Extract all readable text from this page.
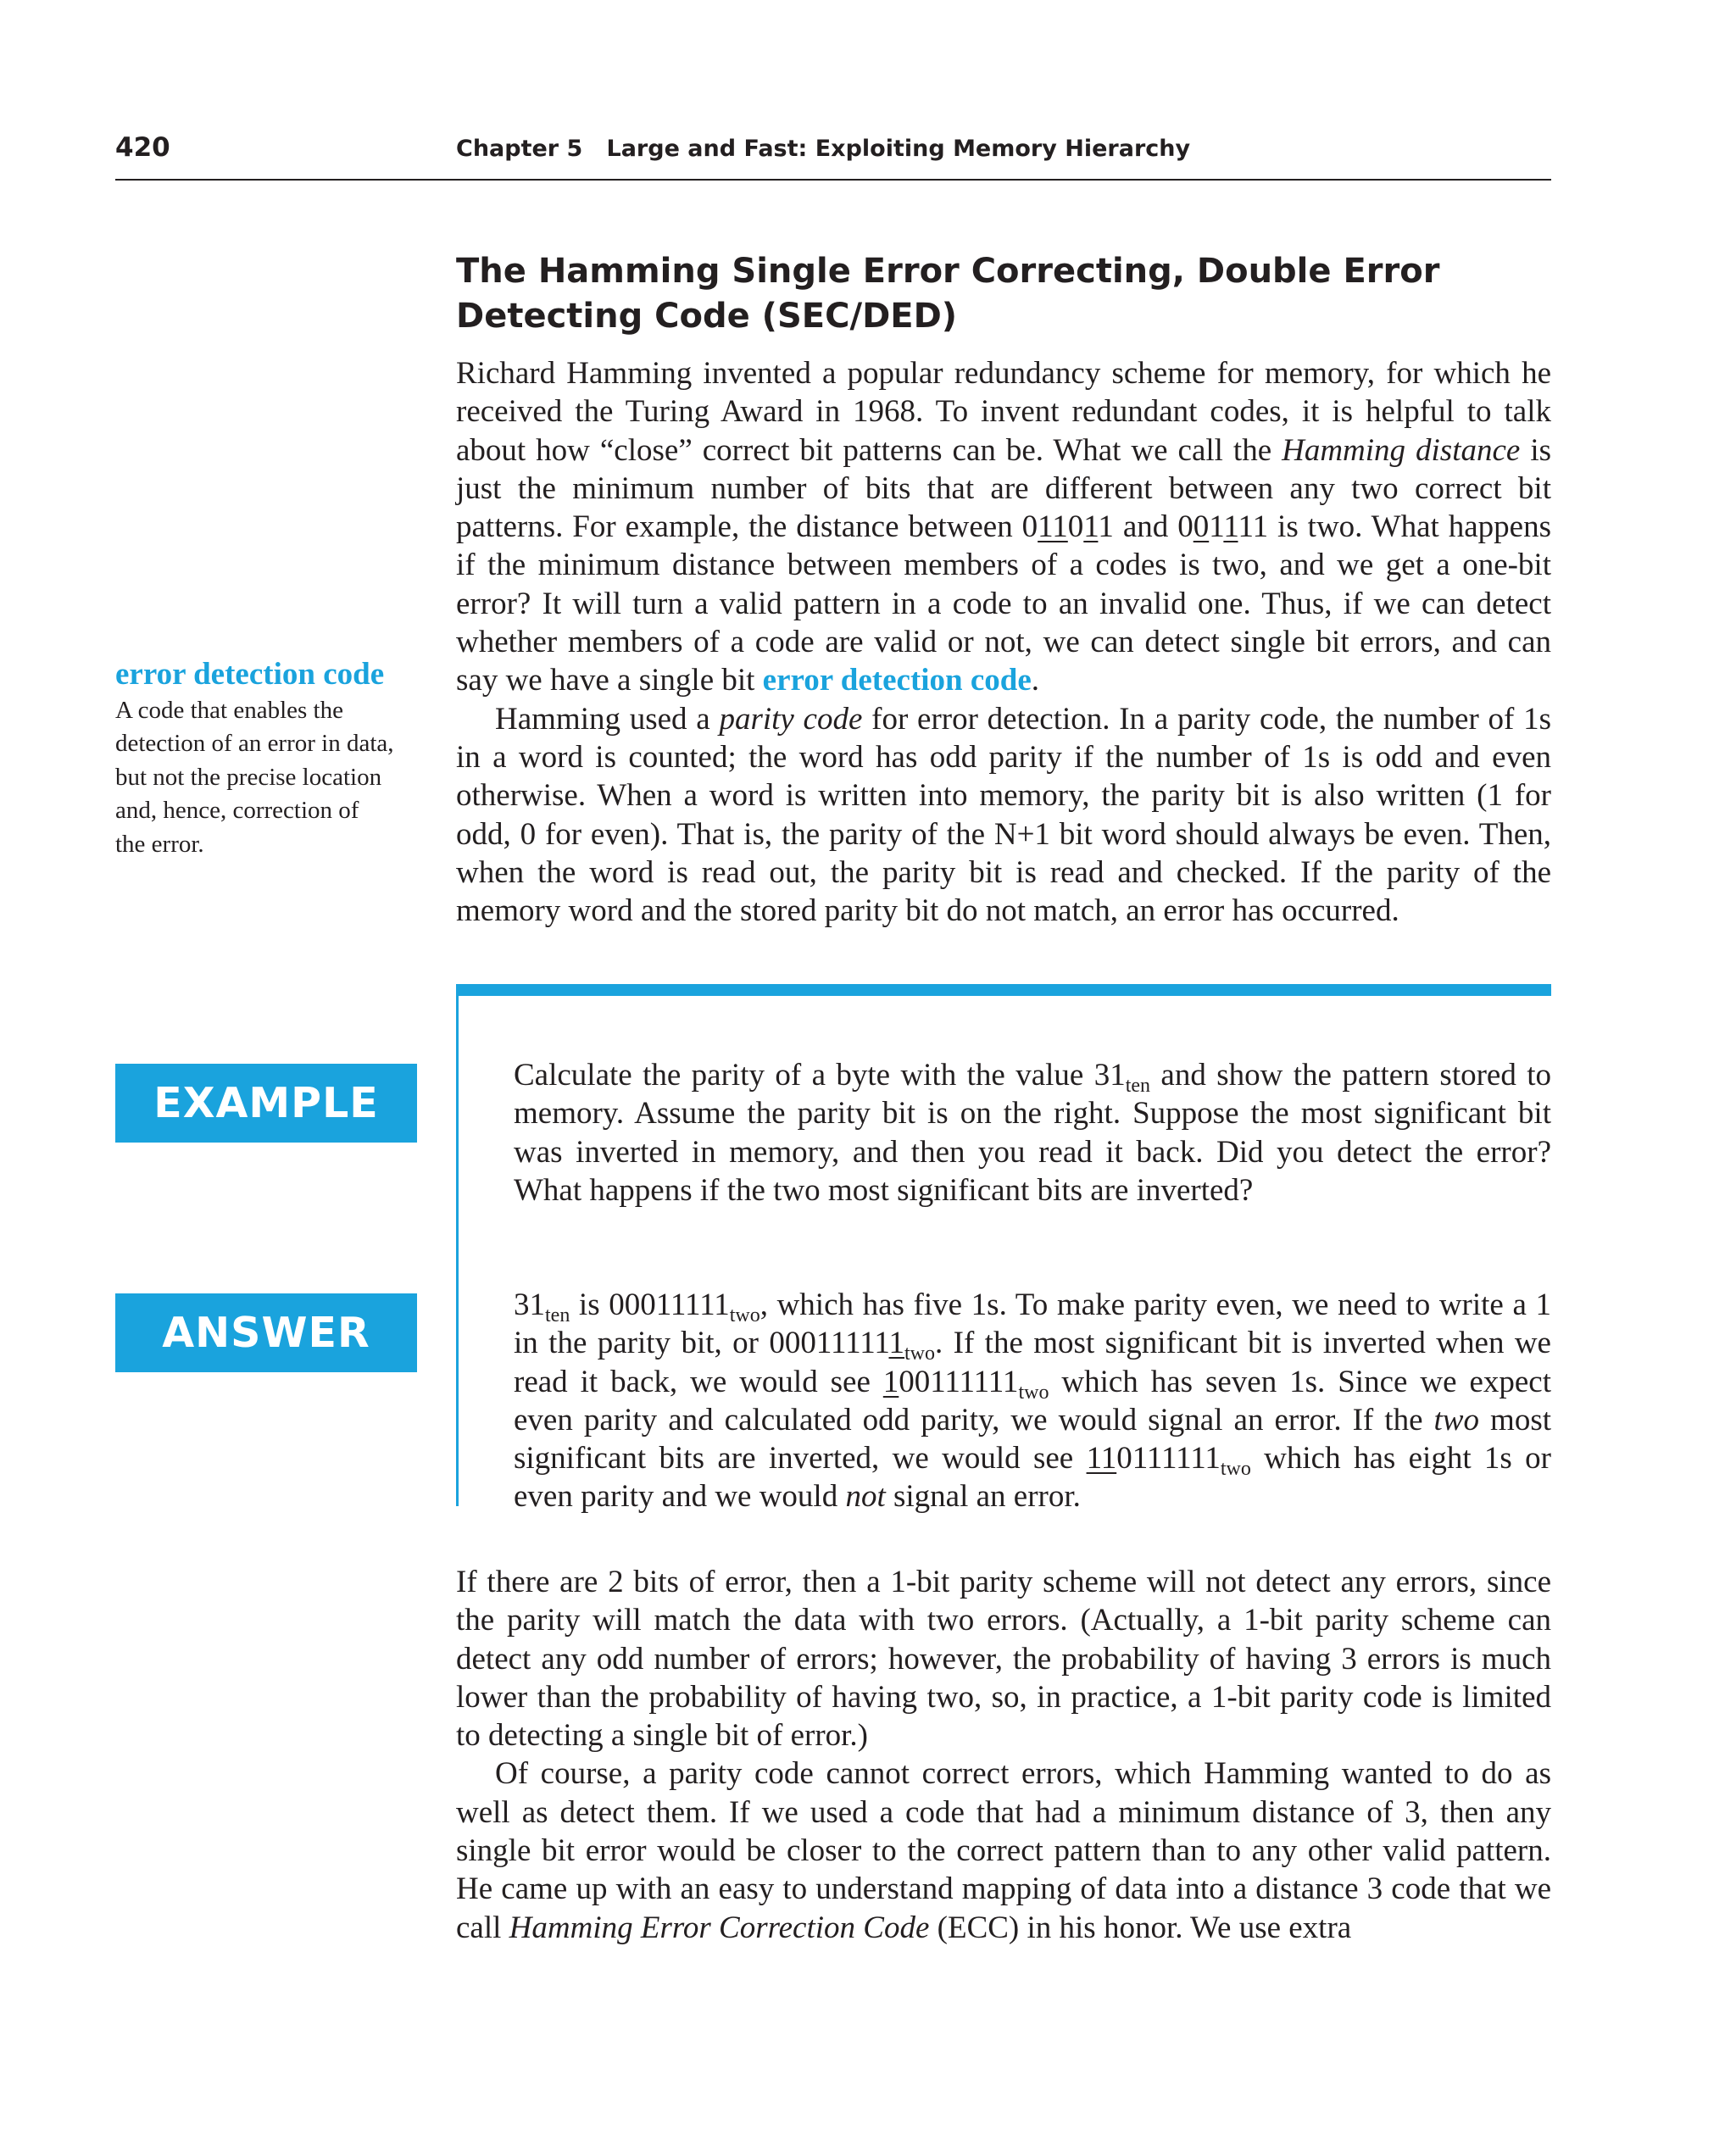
420	Chapter 5   Large and Fast: Exploiting Memory Hierarchy
The Hamming Single Error Correcting, Double Error
Detecting Code (SEC/DED)

Richard Hamming invented a popular redundancy scheme for memory, for which he received the Turing Award in 1968. To invent redundant codes, it is helpful to talk about how “close” correct bit patterns can be. What we call the Hamming distance is just the minimum number of bits that are different between any two correct bit patterns. For example, the distance between 011011 and 001111 is two. What happens if the minimum distance between members of a codes is two, and we get a one-bit error? It will turn a valid pattern in a code to an invalid one. Thus, if we can detect whether members of a code are valid or not, we can detect single bit errors, and can say we have a single bit error detection code.

Hamming used a parity code for error detection. In a parity code, the number of 1s in a word is counted; the word has odd parity if the number of 1s is odd and even otherwise. When a word is written into memory, the parity bit is also written (1 for odd, 0 for even). That is, the parity of the N+1 bit word should always be even. Then, when the word is read out, the parity bit is read and checked. If the parity of the memory word and the stored parity bit do not match, an error has occurred.

error detection code  A code that enables the detection of an error in data, but not the precise location and, hence, correction of the error.

EXAMPLE

Calculate the parity of a byte with the value $31_{ten}$ and show the pattern stored to memory. Assume the parity bit is on the right. Suppose the most significant bit was inverted in memory, and then you read it back. Did you detect the error? What happens if the two most significant bits are inverted?

ANSWER

$31_{ten}$ is $00011111_{two}$, which has five 1s. To make parity even, we need to write a 1 in the parity bit, or $000111111_{two}$. If the most significant bit is inverted when we read it back, we would see $100111111_{two}$ which has seven 1s. Since we expect even parity and calculated odd parity, we would signal an error. If the two most significant bits are inverted, we would see $110111111_{two}$ which has eight 1s or even parity and we would not signal an error.

If there are 2 bits of error, then a 1-bit parity scheme will not detect any errors, since the parity will match the data with two errors. (Actually, a 1-bit parity scheme can detect any odd number of errors; however, the probability of having 3 errors is much lower than the probability of having two, so, in practice, a 1-bit parity code is limited to detecting a single bit of error.)

Of course, a parity code cannot correct errors, which Hamming wanted to do as well as detect them. If we used a code that had a minimum distance of 3, then any single bit error would be closer to the correct pattern than to any other valid pattern. He came up with an easy to understand mapping of data into a distance 3 code that we call Hamming Error Correction Code (ECC) in his honor. We use extra
